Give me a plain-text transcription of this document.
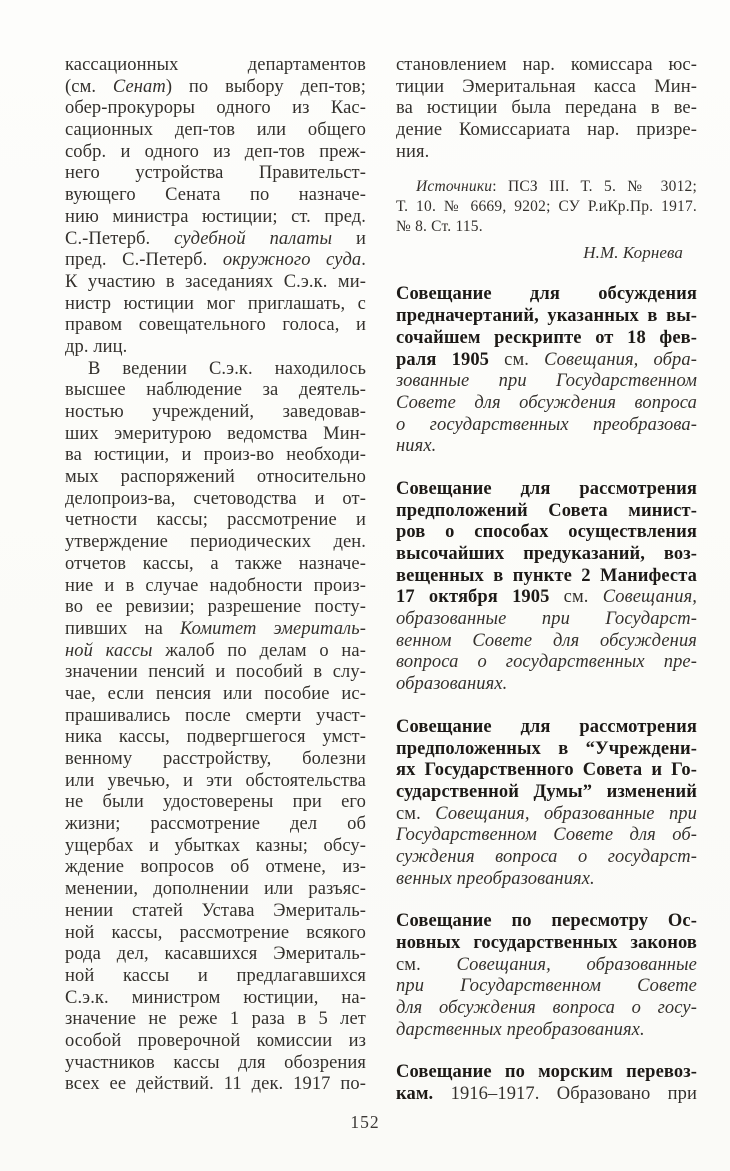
кассационных департаментов
(см. Сенат) по выбору деп-тов;
обер-прокуроры одного из Кас-
сационных деп-тов или общего
собр. и одного из деп-тов преж-
него устройства Правительст-
вующего Сената по назначе-
нию министра юстиции; ст. пред.
С.-Петерб. судебной палаты и
пред. С.-Петерб. окружного суда.
К участию в заседаниях С.э.к. ми-
нистр юстиции мог приглашать, с
правом совещательного голоса, и
др. лиц.
В ведении С.э.к. находилось
высшее наблюдение за деятель-
ностью учреждений, заведовав-
ших эмеритурою ведомства Мин-
ва юстиции, и произ-во необходи-
мых распоряжений относительно
делопроиз-ва, счетоводства и от-
четности кассы; рассмотрение и
утверждение периодических ден.
отчетов кассы, а также назначе-
ние и в случае надобности произ-
во ее ревизии; разрешение посту-
пивших на Комитет эмериталь-
ной кассы жалоб по делам о на-
значении пенсий и пособий в слу-
чае, если пенсия или пособие ис-
прашивались после смерти участ-
ника кассы, подвергшегося умст-
венному расстройству, болезни
или увечью, и эти обстоятельства
не были удостоверены при его
жизни; рассмотрение дел об
ущербах и убытках казны; обсу-
ждение вопросов об отмене, из-
менении, дополнении или разъяс-
нении статей Устава Эмериталь-
ной кассы, рассмотрение всякого
рода дел, касавшихся Эмериталь-
ной кассы и предлагавшихся
С.э.к. министром юстиции, на-
значение не реже 1 раза в 5 лет
особой проверочной комиссии из
участников кассы для обозрения
всех ее действий. 11 дек. 1917 по-
становлением нар. комиссара юс-
тиции Эмеритальная касса Мин-
ва юстиции была передана в ве-
дение Комиссариата нар. призре-
ния.
Источники: ПСЗ III. Т. 5. № 3012;
Т. 10. № 6669, 9202; СУ Р.иКр.Пр. 1917.
№ 8. Ст. 115.
Н.М. Корнева
Совещание для обсуждения
предначертаний, указанных в вы-
сочайшем рескрипте от 18 фев-
раля 1905 см. Совещания, обра-
зованные при Государственном
Совете для обсуждения вопроса
о государственных преобразова-
ниях.
Совещание для рассмотрения
предположений Совета минист-
ров о способах осуществления
высочайших предуказаний, воз-
вещенных в пункте 2 Манифеста
17 октября 1905 см. Совещания,
образованные при Государст-
венном Совете для обсуждения
вопроса о государственных пре-
образованиях.
Совещание для рассмотрения
предположенных в “Учреждени-
ях Государственного Совета и Го-
сударственной Думы” изменений
см. Совещания, образованные при
Государственном Совете для об-
суждения вопроса о государст-
венных преобразованиях.
Совещание по пересмотру Ос-
новных государственных законов
см. Совещания, образованные
при Государственном Совете
для обсуждения вопроса о госу-
дарственных преобразованиях.
Совещание по морским перевоз-
кам. 1916–1917. Образовано при
152
